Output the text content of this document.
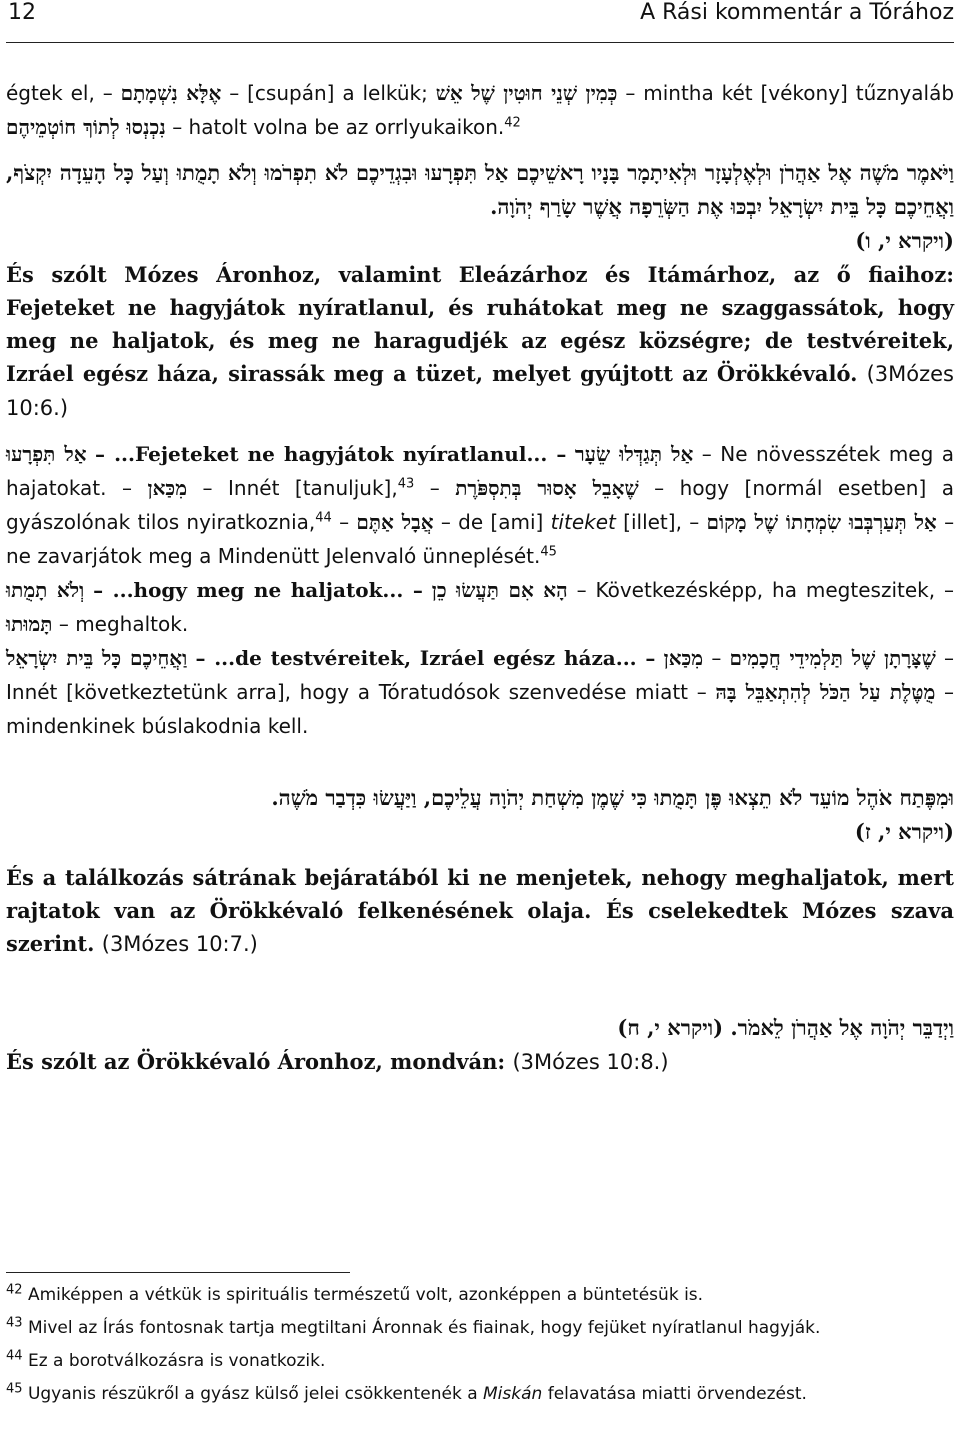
12	A Rási kommentár a Tórához

égtek el, – אֶלָּא נִשְׁמָתָם – [csupán] a lelkük; כְּמִין שְׁנֵי חוּטִין שֶׁל אֵשׁ – mintha két [vékony] tűznyaláb נִכְנְסוּ לְתוֹךְ חוֹטְמֵיהֶם – hatolt volna be az orrlyukaikon.$^{42}$

וַיֹּאמֶר מֹשֶׁה אֶל אַהֲרֹן וּלְאֶלְעָזָר וּלְאִיתָמָר בָּנָיו רָאשֵׁיכֶם אַל תִּפְרָעוּ וּבִגְדֵיכֶם לֹא תִפְרֹמוּ וְלֹא תָמֻתוּ וְעַל כָּל הָעֵדָה יִקְצֹף, וַאֲחֵיכֶם כָּל בֵּית יִשְׂרָאֵל יִבְכּוּ אֶת הַשְּׂרֵפָה אֲשֶׁר שָׂרַף יְהֹוָה.
(ויקרא י, ו)

És szólt Mózes Áronhoz, valamint Eleázárhoz és Itámárhoz, az ő fiaihoz: Fejeteket ne hagyjátok nyíratlanul, és ruhátokat meg ne szaggassátok, hogy meg ne haljatok, és meg ne haragudjék az egész községre; de testvéreitek, Izráel egész háza, sirassák meg a tüzet, melyet gyújtott az Örökkévaló. (3Mózes 10:6.)

אַל תִּפְרָעוּ – ...Fejeteket ne hagyjátok nyíratlanul... – אַל תְּגַדְּלוּ שֵׂעָר – Ne növesszétek meg a hajatokat. – מִכַּאן – Innét [tanuljuk],$^{43}$ – שֶׁאָבֵל אָסוּר בְּתִסְפֹּרֶת – hogy [normál esetben] a gyászolónak tilos nyiratkoznia,$^{44}$ – אֲבָל אַתֶּם – de [ami] titeket [illet], – אַל תְּעַרְבְּבוּ שִׂמְחָתוֹ שֶׁל מָקוֹם – ne zavarjátok meg a Mindenütt Jelenvaló ünneplését.$^{45}$

וְלֹא תָמֻתוּ – ...hogy meg ne haljatok... – הָא אִם תַּעֲשׂוּ כֵן – Következésképp, ha megteszitek, – תָּמוּתוּ – meghaltok.

וַאֲחֵיכֶם כָּל בֵּית יִשְׂרָאֵל – ...de testvéreitek, Izráel egész háza... – מִכַּאן – שֶׁצָּרָתָן שֶׁל תַּלְמִידֵי חֲכָמִים – Innét [következtetünk arra], hogy a Tóratudósok szenvedése miatt – מֻטֶּלֶת עַל הַכֹּל לְהִתְאַבֵּל בָּהּ – mindenkinek búslakodnia kell.

וּמִפֶּתַח אֹהֶל מוֹעֵד לֹא תֵצְאוּ פֶּן תָּמֻתוּ כִּי שֶׁמֶן מִשְׁחַת יְהֹוָה עֲלֵיכֶם, וַיַּעֲשׂוּ כִּדְבַר מֹשֶׁה.
(ויקרא י, ז)

És a találkozás sátrának bejáratából ki ne menjetek, nehogy meghaljatok, mert rajtatok van az Örökkévaló felkenésének olaja. És cselekedtek Mózes szava szerint. (3Mózes 10:7.)

וַיְדַבֵּר יְהֹוָה אֶל אַהֲרֹן לֵאמֹר. (ויקרא י, ח)

És szólt az Örökkévaló Áronhoz, mondván: (3Mózes 10:8.)

$^{42}$ Amiképpen a vétkük is spirituális természetű volt, azonképpen a büntetésük is.

$^{43}$ Mivel az Írás fontosnak tartja megtiltani Áronnak és fiainak, hogy fejüket nyíratlanul hagyják.

$^{44}$ Ez a borotválkozásra is vonatkozik.

$^{45}$ Ugyanis részükről a gyász külső jelei csökkentenék a Miskán felavatása miatti örvendezést.
